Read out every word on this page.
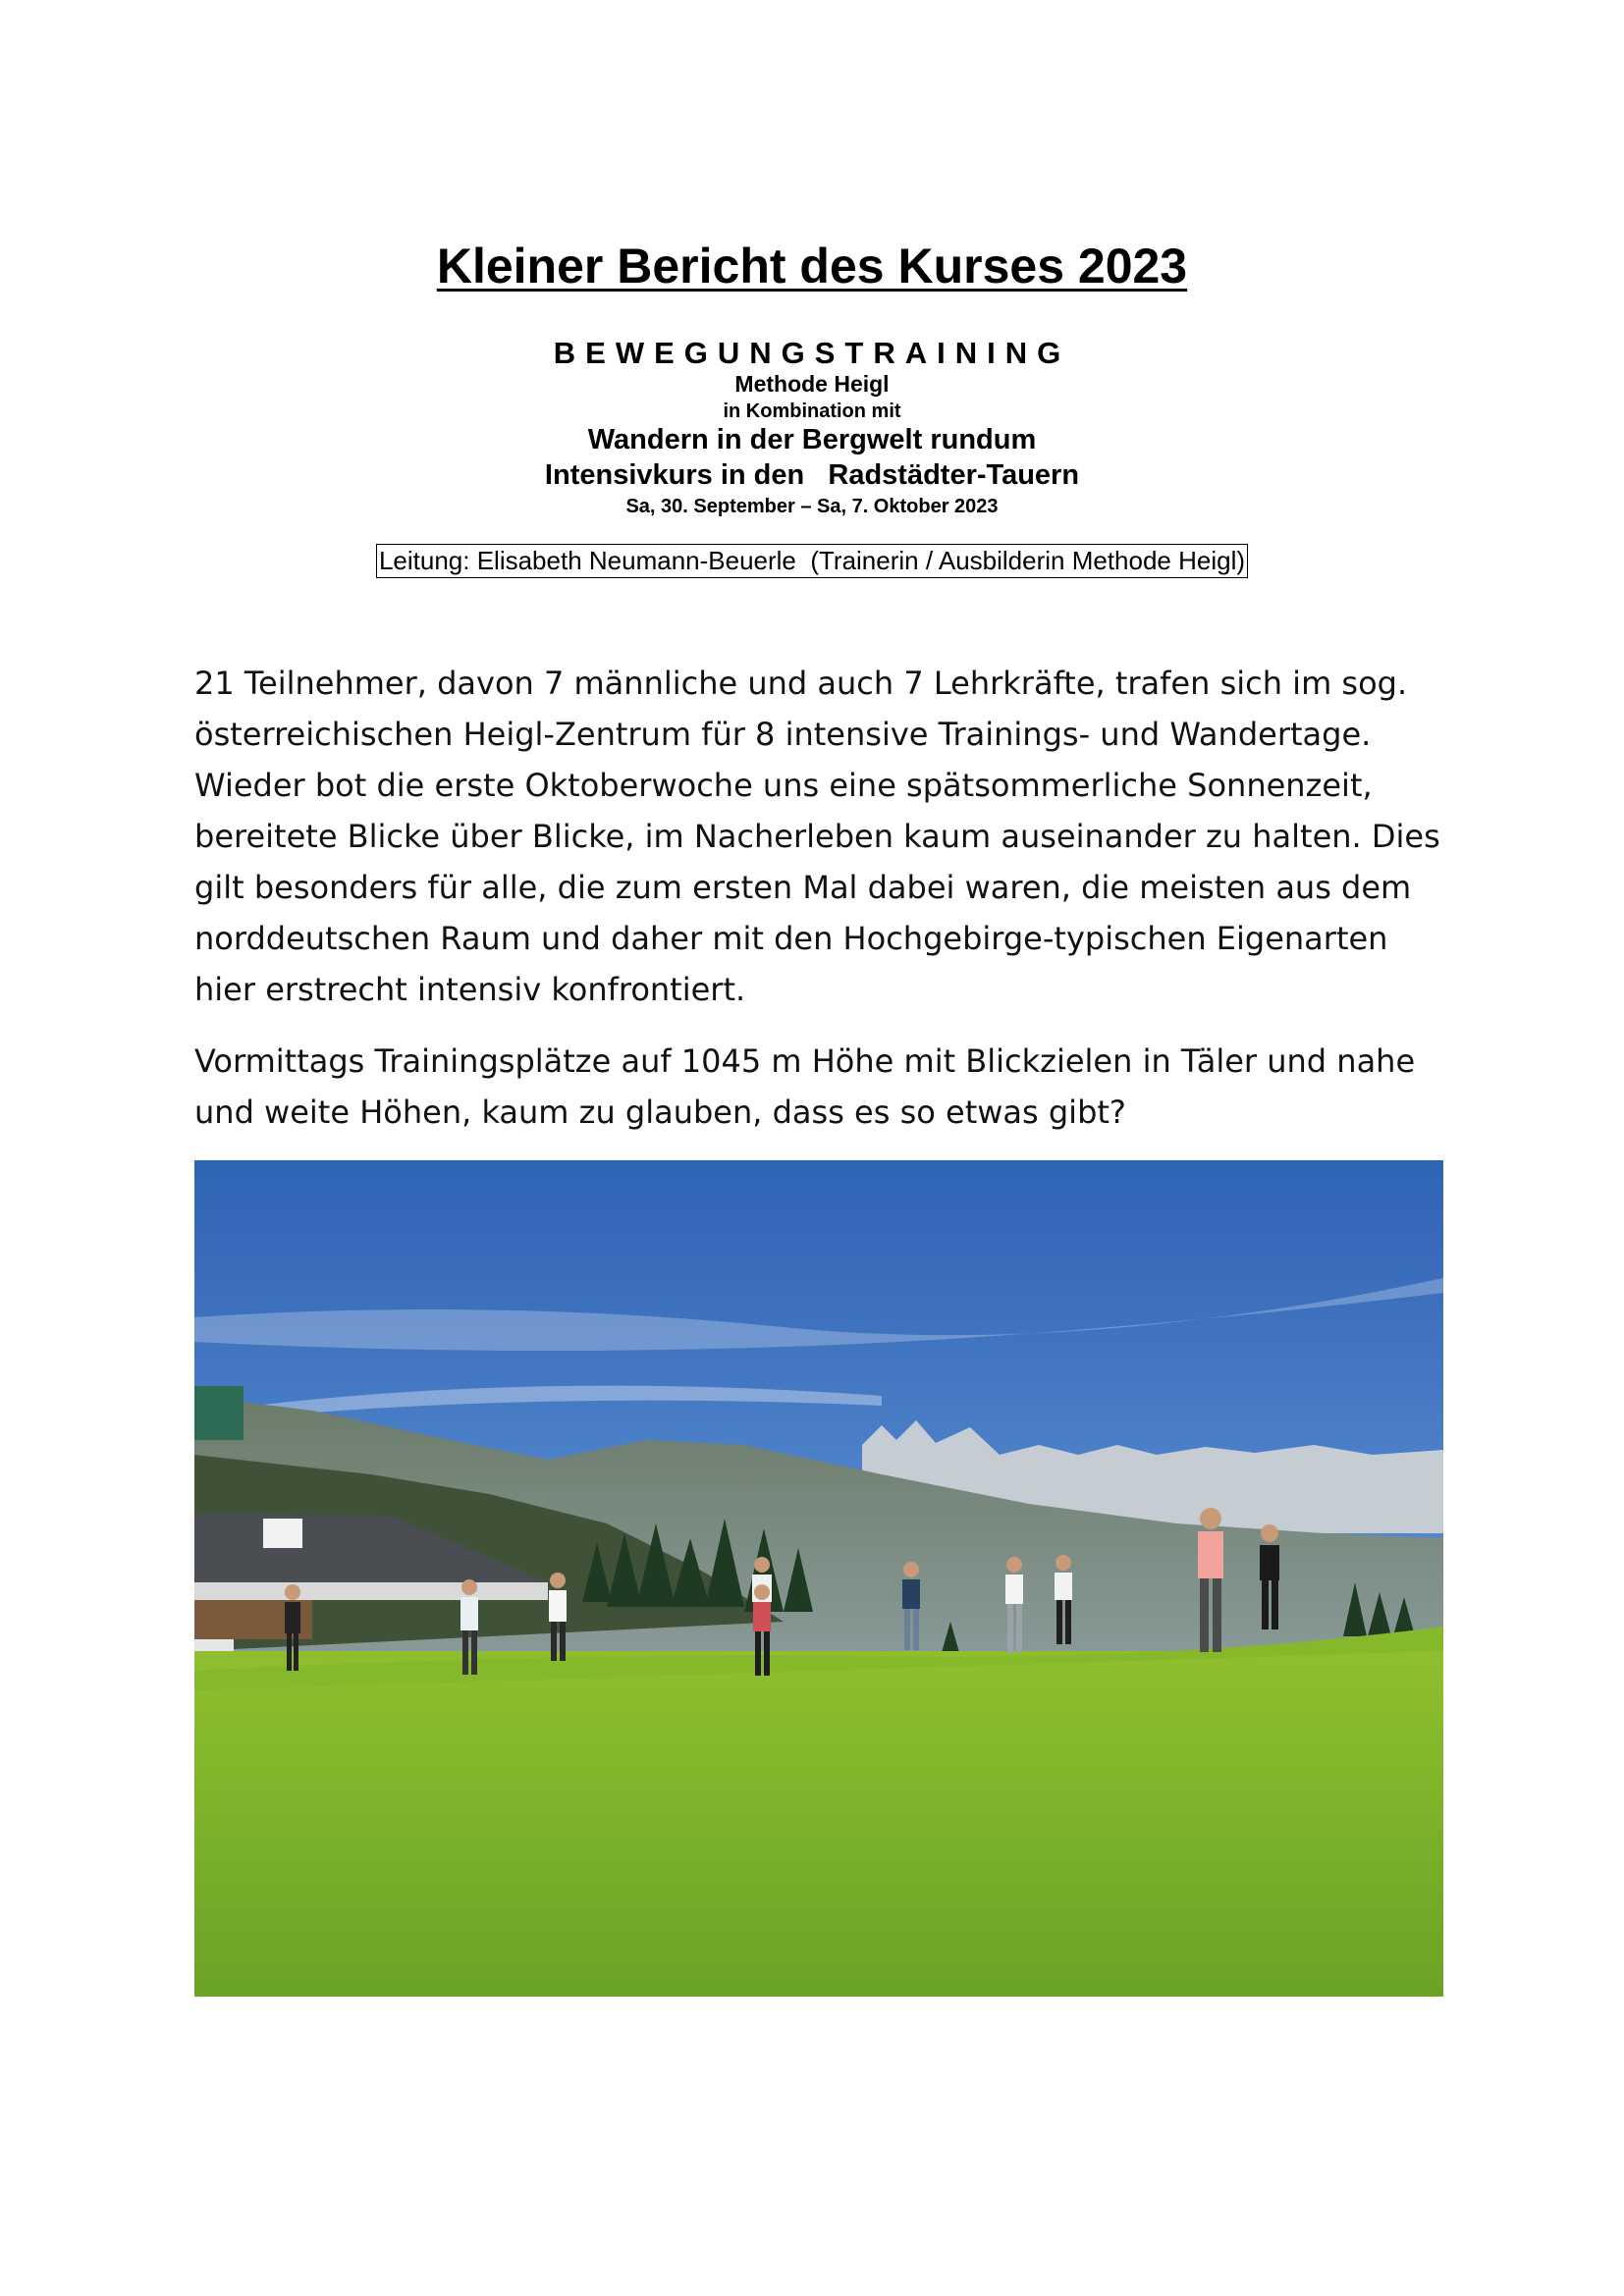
Kleiner Bericht des Kurses 2023
BEWEGUNGSTRAINING
Methode Heigl
in Kombination mit
Wandern in der Bergwelt rundum
Intensivkurs in den   Radstädter-Tauern
Sa, 30. September – Sa, 7. Oktober 2023
Leitung: Elisabeth Neumann-Beuerle  (Trainerin / Ausbilderin Methode Heigl)

21 Teilnehmer, davon 7 männliche und auch 7 Lehrkräfte, trafen sich im sog. österreichischen Heigl-Zentrum für 8 intensive Trainings- und Wandertage. Wieder bot die erste Oktoberwoche uns eine spätsommerliche Sonnenzeit, bereitete Blicke über Blicke, im Nacherleben kaum auseinander zu halten. Dies gilt besonders für alle, die zum ersten Mal dabei waren, die meisten aus dem norddeutschen Raum und daher mit den Hochgebirge-typischen Eigenarten hier erstrecht intensiv konfrontiert.

Vormittags Trainingsplätze auf 1045 m Höhe mit Blickzielen in Täler und nahe und weite Höhen, kaum zu glauben, dass es so etwas gibt?
